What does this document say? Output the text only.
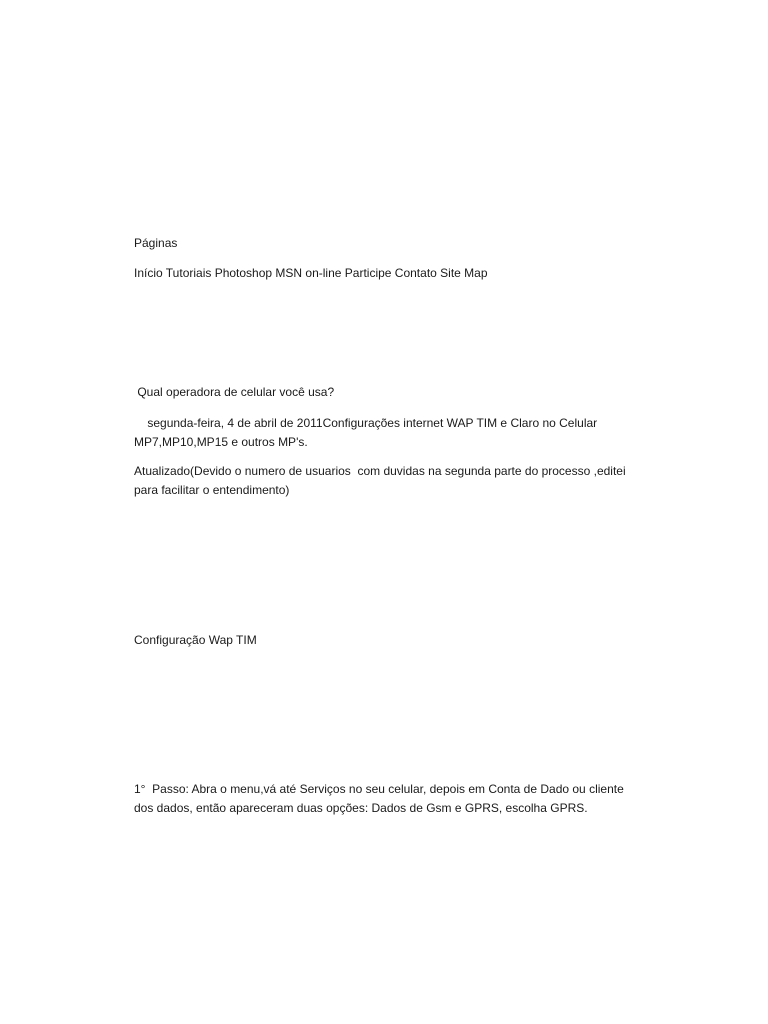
Páginas
Início Tutoriais Photoshop MSN on-line Participe Contato Site Map
Qual operadora de celular você usa?
segunda-feira, 4 de abril de 2011Configurações internet WAP TIM e Claro no Celular MP7,MP10,MP15 e outros MP's.
Atualizado(Devido o numero de usuarios  com duvidas na segunda parte do processo ,editei para facilitar o entendimento)
Configuração Wap TIM
1°  Passo: Abra o menu,vá até Serviços no seu celular, depois em Conta de Dado ou cliente dos dados, então apareceram duas opções: Dados de Gsm e GPRS, escolha GPRS.
